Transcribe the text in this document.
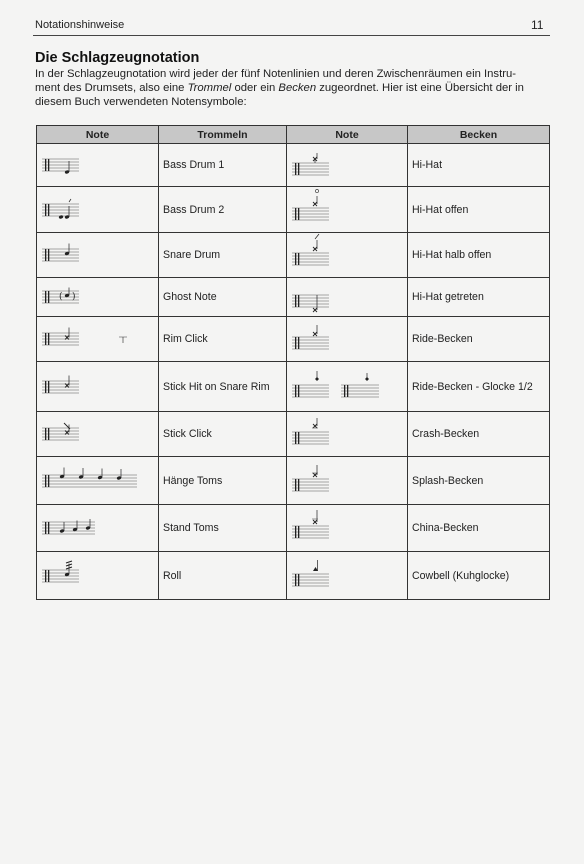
Notationshinweise	11
Die Schlagzeugnotation

In der Schlagzeugnotation wird jeder der fünf Notenlinien und deren Zwischenräumen ein Instru-

ment des Drumsets, also eine Trommel oder ein Becken zugeordnet. Hier ist eine Übersicht der in

diesem Buch verwendeten Notensymbole:

Note	Trommeln	Note	Becken

	Bass Drum 1		Hi-Hat

	Bass Drum 2		Hi-Hat offen

	Snare Drum		Hi-Hat halb offen

( )	Ghost Note		Hi-Hat getreten

	Rim Click		Ride-Becken

	Stick Hit on Snare Rim		Ride-Becken - Glocke 1/2

	Stick Click		Crash-Becken

	Hänge Toms		Splash-Becken

	Stand Toms		China-Becken

	Roll		Cowbell (Kuhglocke)
